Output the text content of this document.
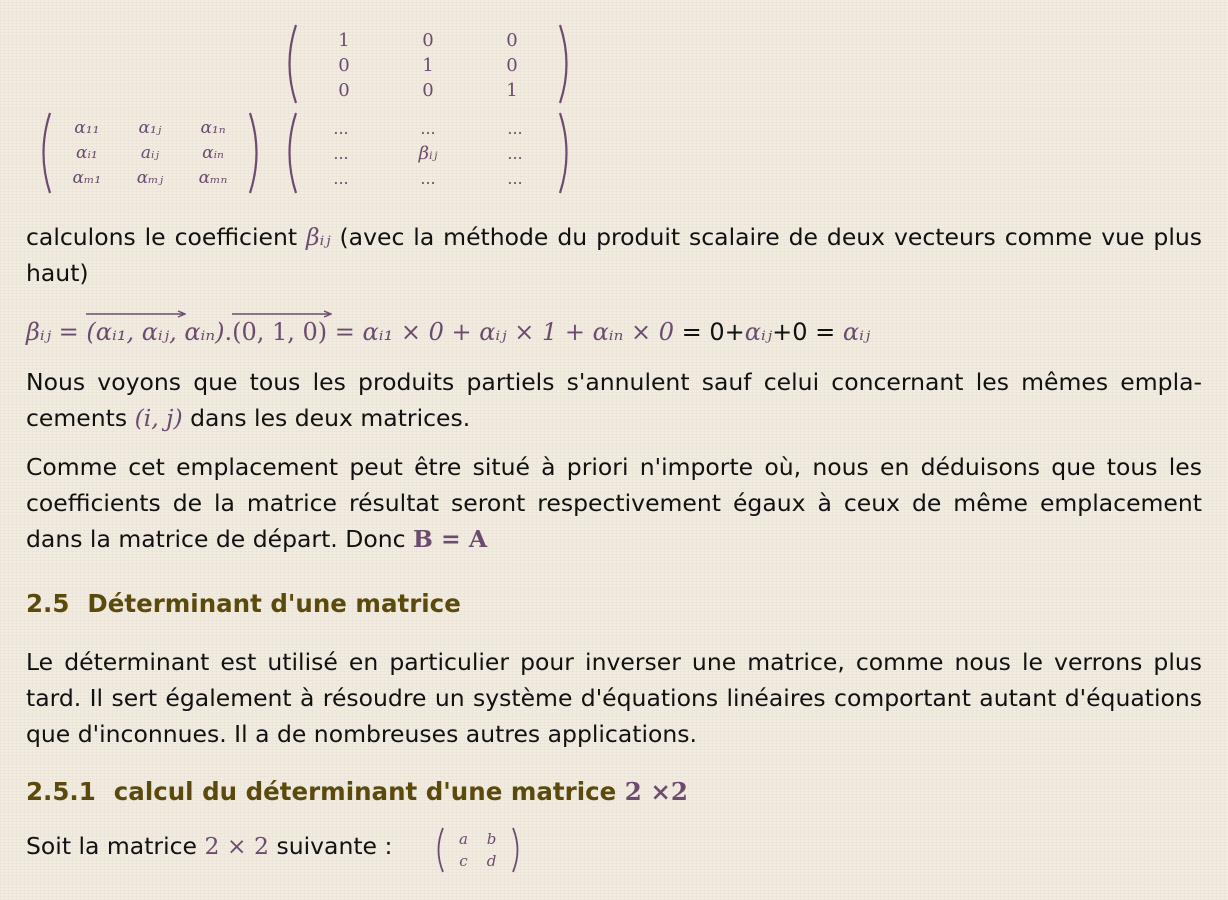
1	0	0
0	1	0
0	0	1
α₁₁	α₁ⱼ	α₁ₙ
αᵢ₁	aᵢⱼ	αᵢₙ
αₘ₁	αₘⱼ	αₘₙ
...	...	...
...	βᵢⱼ	...
...	...	...
calculons le coefficient βᵢⱼ (avec la méthode du produit scalaire de deux vecteurs comme vue plus haut)
βᵢⱼ =
(αᵢ₁, αᵢⱼ, αᵢₙ).
(0, 1, 0) = αᵢ₁ × 0 + αᵢⱼ × 1 + αᵢₙ × 0 = 0+αᵢⱼ+0 = αᵢⱼ
Nous voyons que tous les produits partiels s'annulent sauf celui concernant les mêmes empla-cements (i, j) dans les deux matrices.
Comme cet emplacement peut être situé à priori n'importe où, nous en déduisons que tous les coefficients de la matrice résultat seront respectivement égaux à ceux de même emplacement dans la matrice de départ. Donc B = A
2.5 Déterminant d'une matrice
Le déterminant est utilisé en particulier pour inverser une matrice, comme nous le verrons plus tard. Il sert également à résoudre un système d'équations linéaires comportant autant d'équations que d'inconnues. Il a de nombreuses autres applications.
2.5.1 calcul du déterminant d'une matrice 2 ×2
Soit la matrice 2 × 2 suivante :	a	b
c	d
